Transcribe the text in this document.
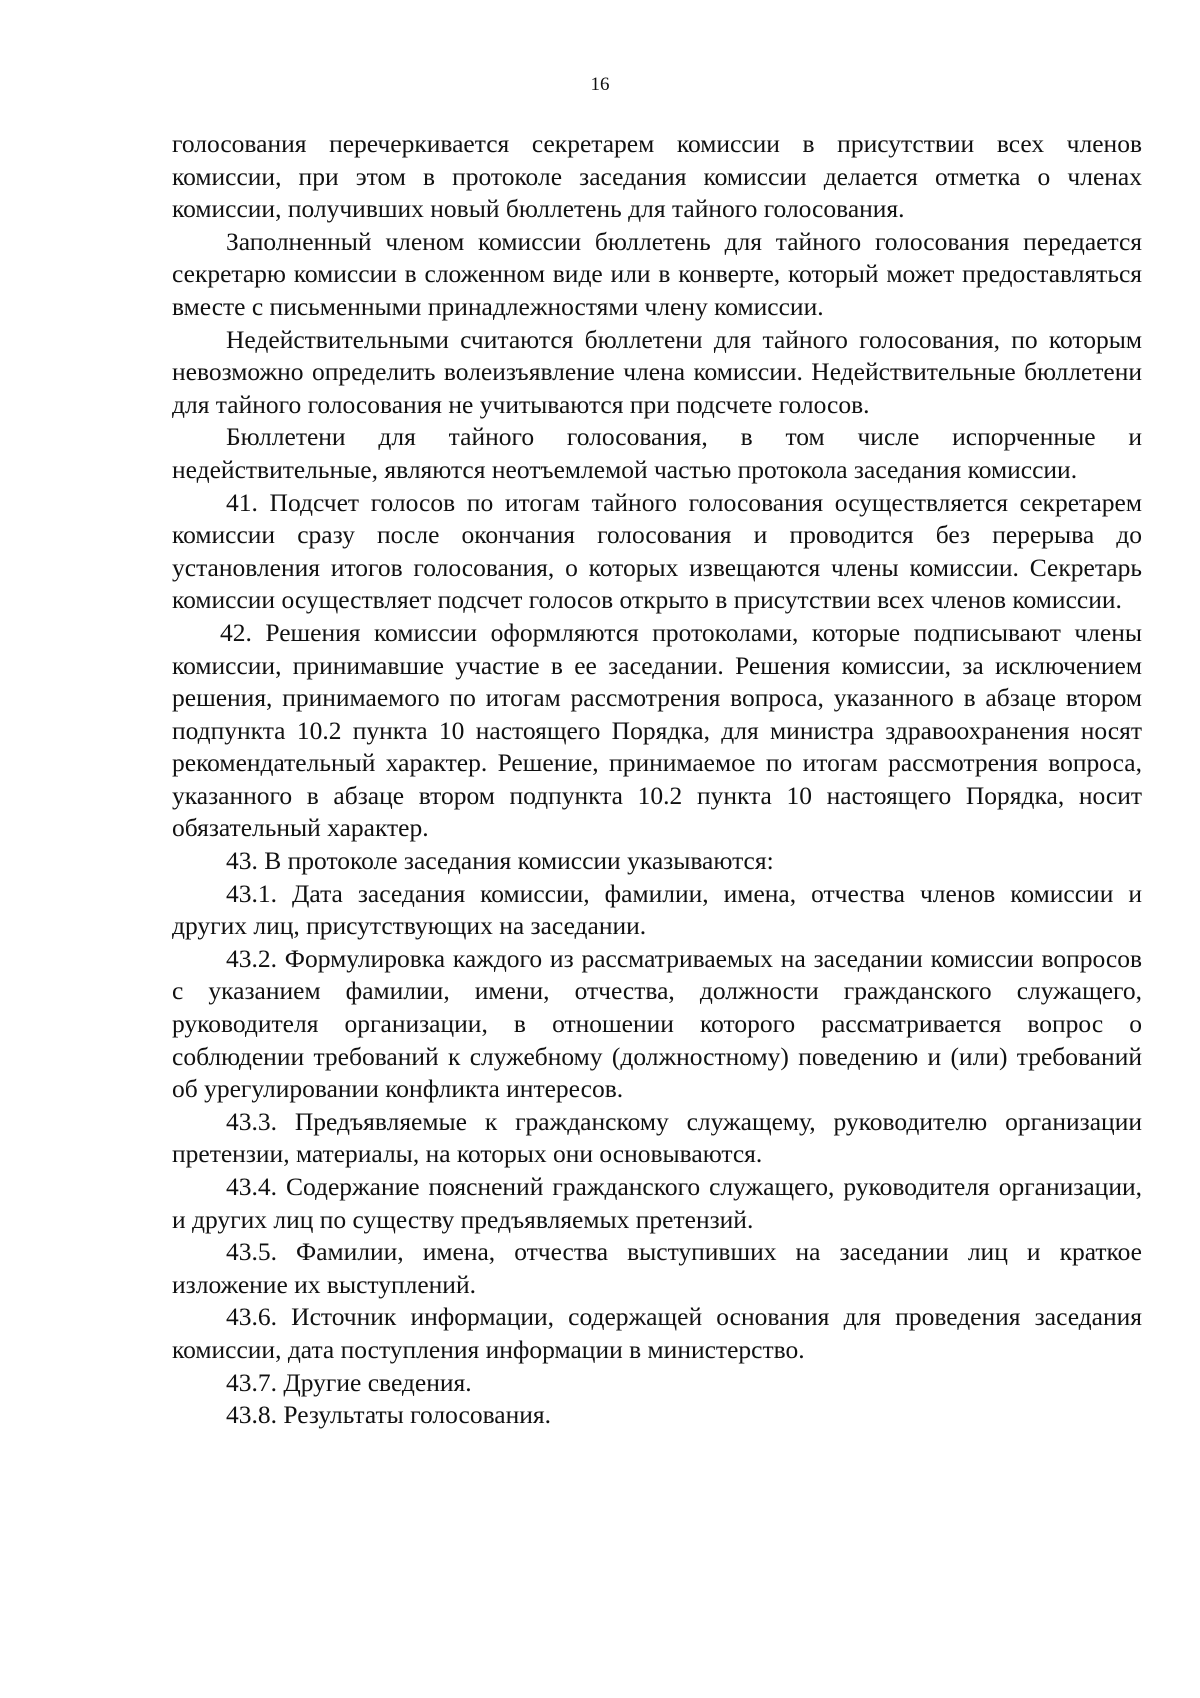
16

голосования перечеркивается секретарем комиссии в присутствии всех членов комиссии, при этом в протоколе заседания комиссии делается отметка о членах комиссии, получивших новый бюллетень для тайного голосования.

Заполненный членом комиссии бюллетень для тайного голосования передается секретарю комиссии в сложенном виде или в конверте, который может предоставляться вместе с письменными принадлежностями члену комиссии.

Недействительными считаются бюллетени для тайного голосования, по которым невозможно определить волеизъявление члена комиссии. Недействительные бюллетени для тайного голосования не учитываются при подсчете голосов.

Бюллетени для тайного голосования, в том числе испорченные и недействительные, являются неотъемлемой частью протокола заседания комиссии.

41. Подсчет голосов по итогам тайного голосования осуществляется секретарем комиссии сразу после окончания голосования и проводится без перерыва до установления итогов голосования, о которых извещаются члены комиссии. Секретарь комиссии осуществляет подсчет голосов открыто в присутствии всех членов комиссии.

42. Решения комиссии оформляются протоколами, которые подписывают члены комиссии, принимавшие участие в ее заседании. Решения комиссии, за исключением решения, принимаемого по итогам рассмотрения вопроса, указанного в абзаце втором подпункта 10.2 пункта 10 настоящего Порядка, для министра здравоохранения носят рекомендательный характер. Решение, принимаемое по итогам рассмотрения вопроса, указанного в абзаце втором подпункта 10.2 пункта 10 настоящего Порядка, носит обязательный характер.

43. В протоколе заседания комиссии указываются:

43.1. Дата заседания комиссии, фамилии, имена, отчества членов комиссии и других лиц, присутствующих на заседании.

43.2. Формулировка каждого из рассматриваемых на заседании комиссии вопросов с указанием фамилии, имени, отчества, должности гражданского служащего, руководителя организации, в отношении которого рассматривается вопрос о соблюдении требований к служебному (должностному) поведению и (или) требований об урегулировании конфликта интересов.

43.3. Предъявляемые к гражданскому служащему, руководителю организации претензии, материалы, на которых они основываются.

43.4. Содержание пояснений гражданского служащего, руководителя организации, и других лиц по существу предъявляемых претензий.

43.5. Фамилии, имена, отчества выступивших на заседании лиц и краткое изложение их выступлений.

43.6. Источник информации, содержащей основания для проведения заседания комиссии, дата поступления информации в министерство.

43.7. Другие сведения.

43.8. Результаты голосования.
